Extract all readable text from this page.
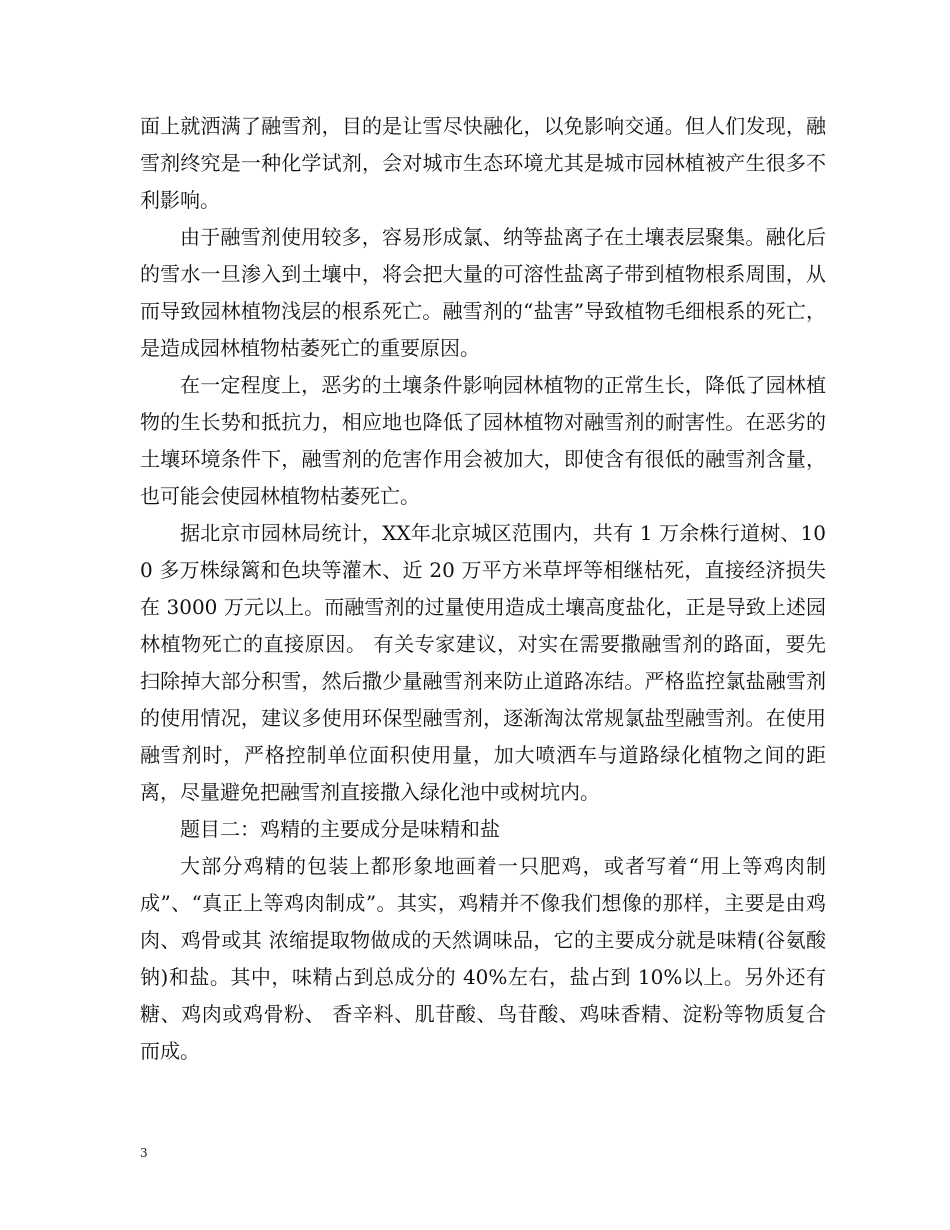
面上就洒满了融雪剂，目的是让雪尽快融化，以免影响交通。但人们发现，融雪剂终究是一种化学试剂，会对城市生态环境尤其是城市园林植被产生很多不利影响。

由于融雪剂使用较多，容易形成氯、纳等盐离子在土壤表层聚集。融化后的雪水一旦渗入到土壤中，将会把大量的可溶性盐离子带到植物根系周围，从而导致园林植物浅层的根系死亡。融雪剂的“盐害”导致植物毛细根系的死亡，是造成园林植物枯萎死亡的重要原因。

在一定程度上，恶劣的土壤条件影响园林植物的正常生长，降低了园林植物的生长势和抵抗力，相应地也降低了园林植物对融雪剂的耐害性。在恶劣的土壤环境条件下，融雪剂的危害作用会被加大，即使含有很低的融雪剂含量，也可能会使园林植物枯萎死亡。

据北京市园林局统计，XX年北京城区范围内，共有 1 万余株行道树、100 多万株绿篱和色块等灌木、近 20 万平方米草坪等相继枯死，直接经济损失在 3000 万元以上。而融雪剂的过量使用造成土壤高度盐化，正是导致上述园林植物死亡的直接原因。 有关专家建议，对实在需要撒融雪剂的路面，要先扫除掉大部分积雪，然后撒少量融雪剂来防止道路冻结。严格监控氯盐融雪剂的使用情况，建议多使用环保型融雪剂，逐渐淘汰常规氯盐型融雪剂。在使用融雪剂时，严格控制单位面积使用量，加大喷洒车与道路绿化植物之间的距离，尽量避免把融雪剂直接撒入绿化池中或树坑内。

题目二：鸡精的主要成分是味精和盐

大部分鸡精的包装上都形象地画着一只肥鸡，或者写着“用上等鸡肉制成”、“真正上等鸡肉制成”。其实，鸡精并不像我们想像的那样，主要是由鸡肉、鸡骨或其 浓缩提取物做成的天然调味品，它的主要成分就是味精(谷氨酸钠)和盐。其中，味精占到总成分的 40%左右，盐占到 10%以上。另外还有糖、鸡肉或鸡骨粉、 香辛料、肌苷酸、鸟苷酸、鸡味香精、淀粉等物质复合而成。

3
